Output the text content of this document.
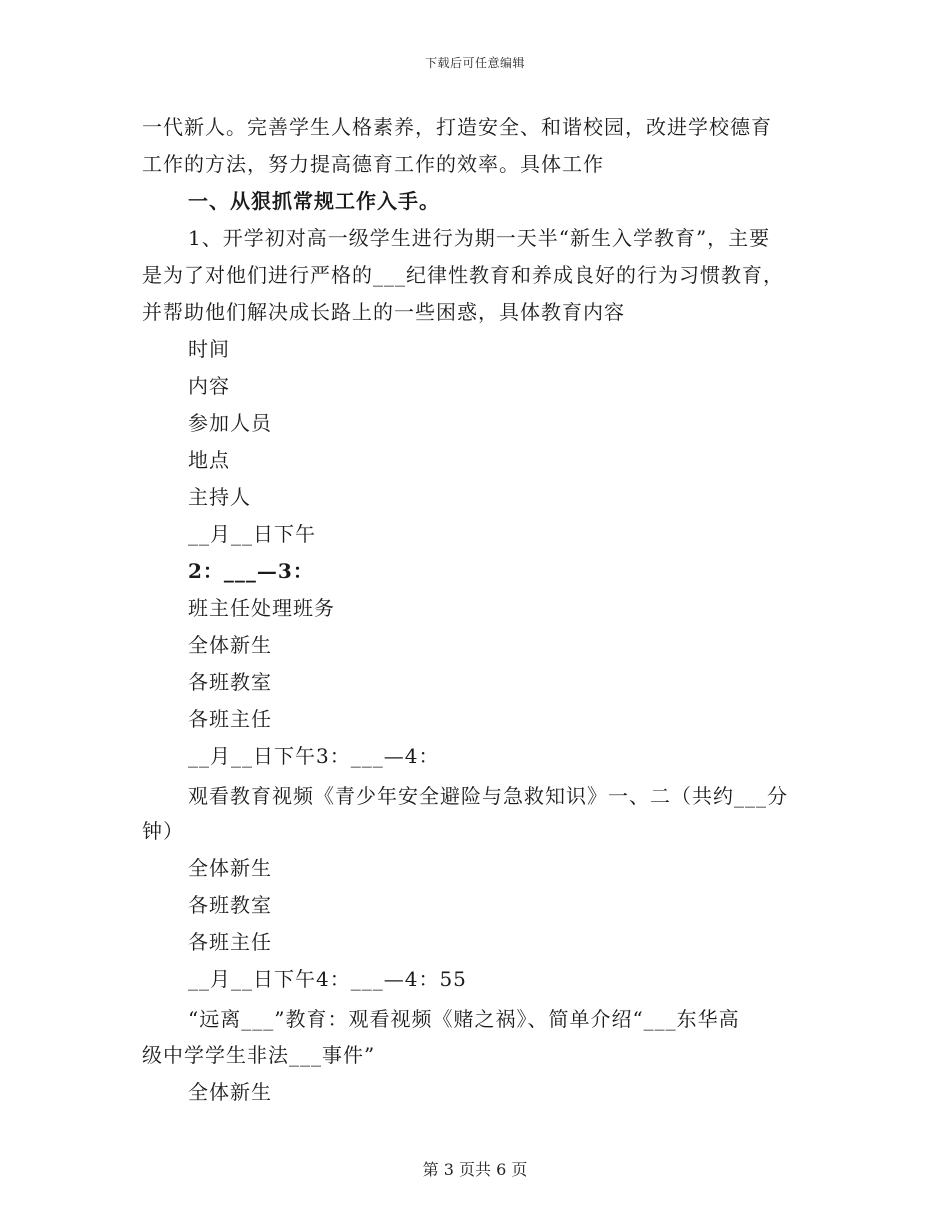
下载后可任意编辑
一代新人。完善学生人格素养，打造安全、和谐校园，改进学校德育
工作的方法，努力提高德育工作的效率。具体工作
一、从狠抓常规工作入手。
1、开学初对高一级学生进行为期一天半“新生入学教育”，主要
是为了对他们进行严格的___纪律性教育和养成良好的行为习惯教育，
并帮助他们解决成长路上的一些困惑，具体教育内容
时间
内容
参加人员
地点
主持人
__月__日下午
2：___—3：
班主任处理班务
全体新生
各班教室
各班主任
__月__日下午3：___—4：
观看教育视频《青少年安全避险与急救知识》一、二（共约___分
钟）
全体新生
各班教室
各班主任
__月__日下午4：___—4：55
“远离___”教育：观看视频《赌之祸》、简单介绍“___东华高
级中学学生非法___事件”
全体新生
第 3 页共 6 页
